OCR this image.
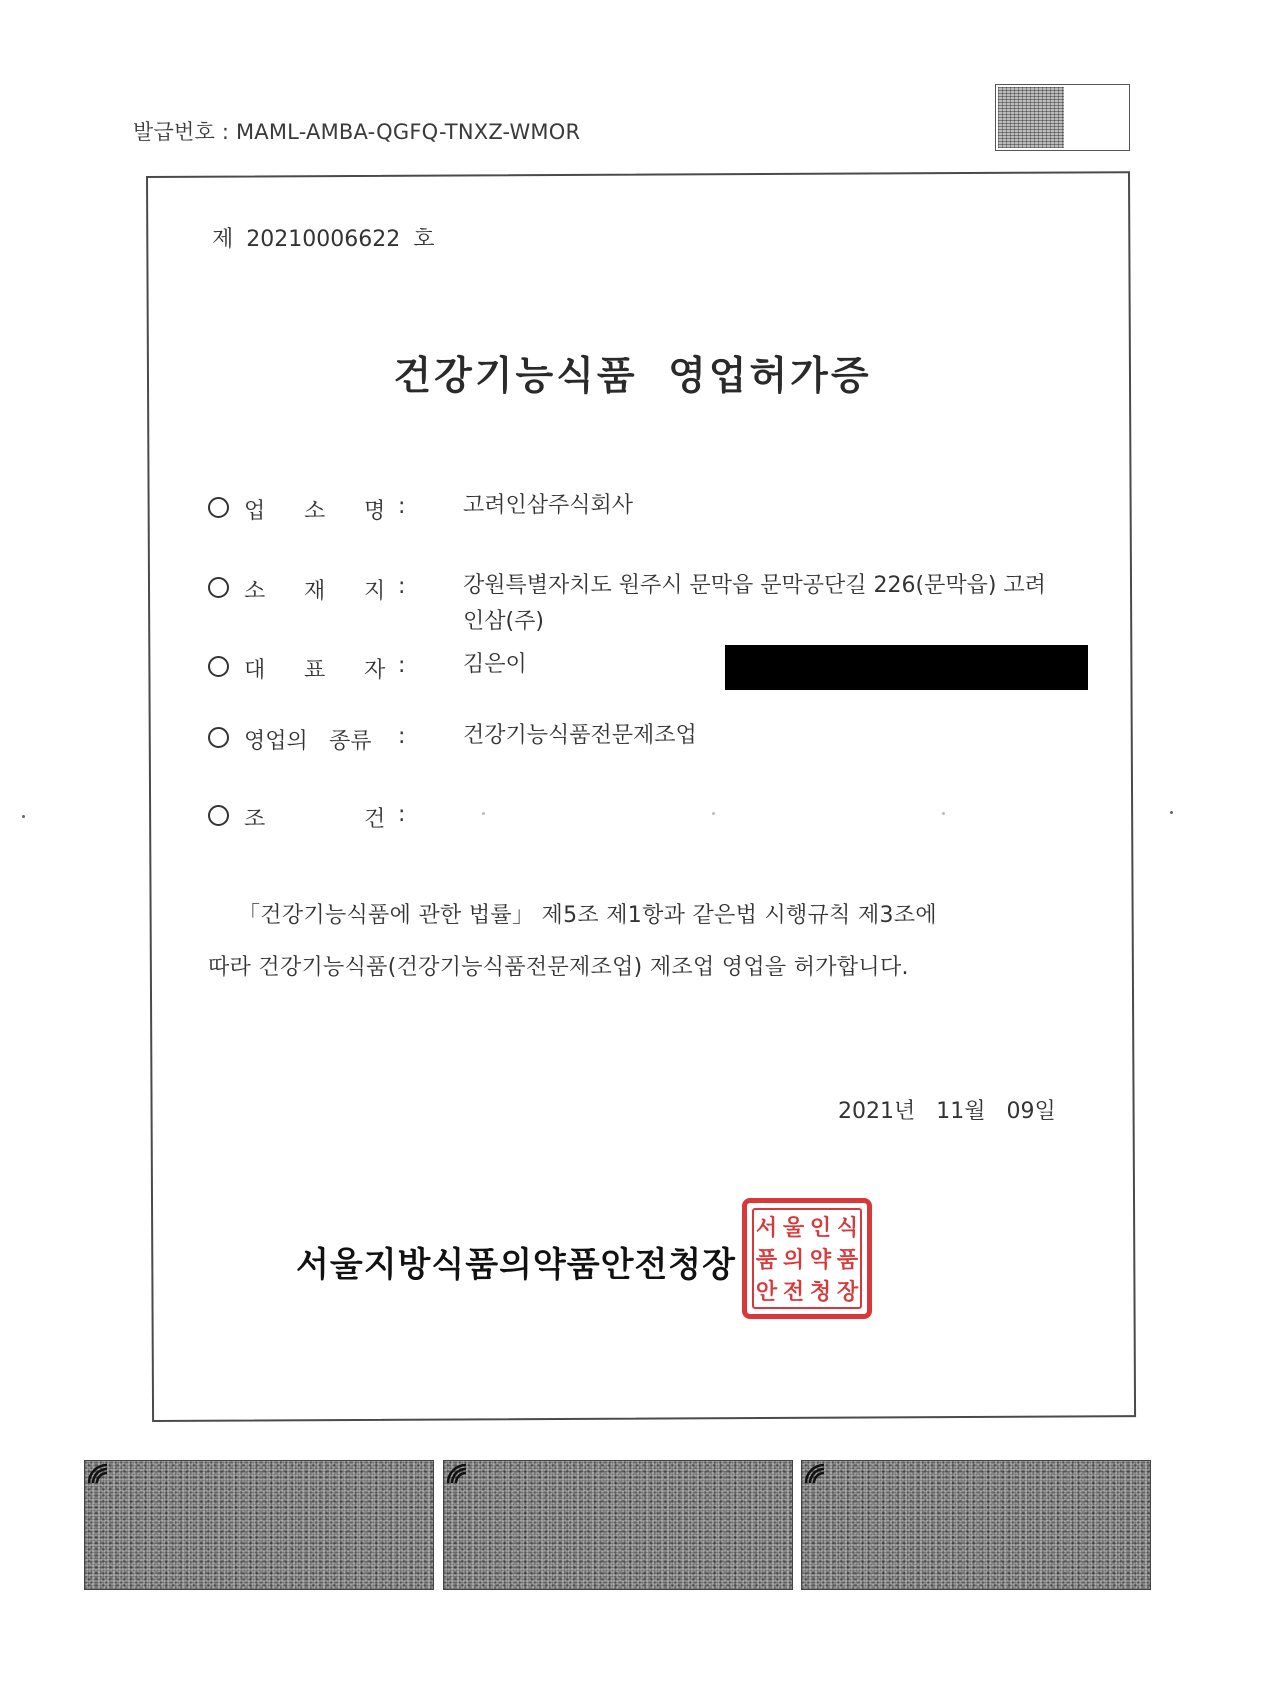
발급번호 : MAML-AMBA-QGFQ-TNXZ-WMOR
제 20210006622 호
건강기능식품 영업허가증
업 소 명 :	고려인삼주식회사
소 재 지 :	강원특별자치도 원주시 문막읍 문막공단길 226(문막읍) 고려인삼(주)
대 표 자 :	김은이
영업의 종류 :	건강기능식품전문제조업
조	건 :
「건강기능식품에 관한 법률」 제5조 제1항과 같은법 시행규칙 제3조에
따라 건강기능식품(건강기능식품전문제조업) 제조업 영업을 허가합니다.
2021년 11월 09일
서울지방식품의약품안전청장
서 울 인 식
품 의 약 품
안 전 청 장
